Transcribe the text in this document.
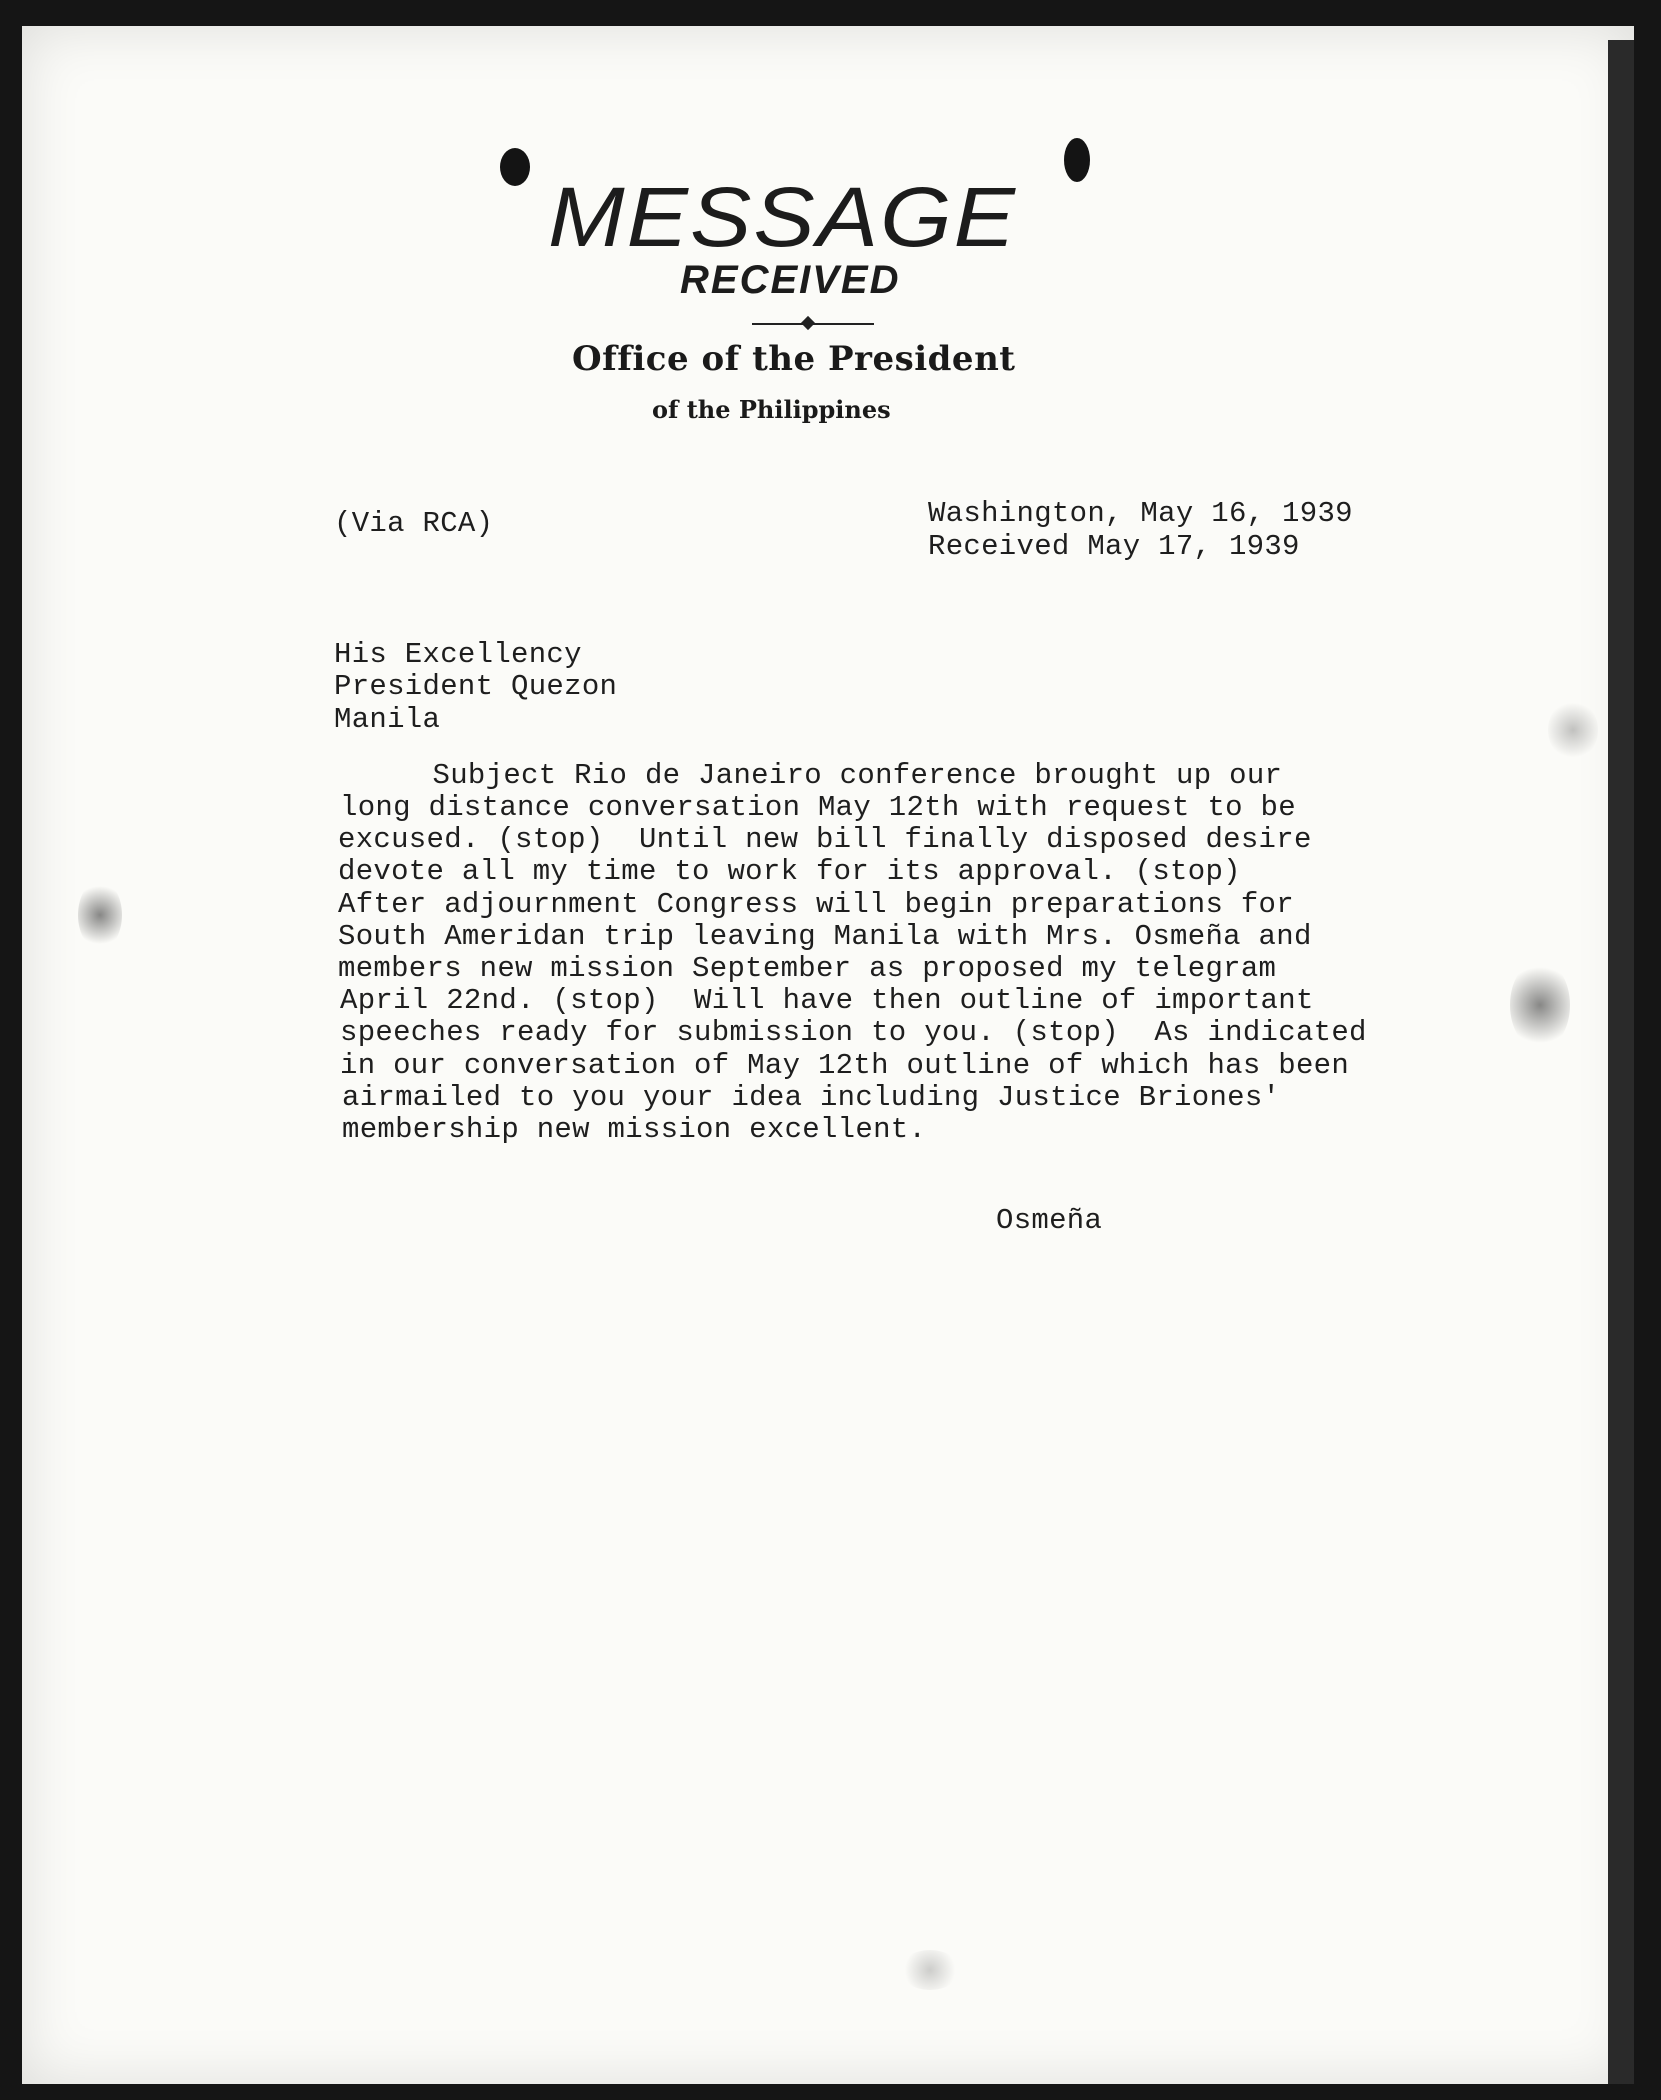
MESSAGE
RECEIVED
Office of the President
of the Philippines
(Via RCA)	Washington, May 16, 1939
Received May 17, 1939
His Excellency
President Quezon
Manila
Subject Rio de Janeiro conference brought up our
long distance conversation May 12th with request to be
excused. (stop)  Until new bill finally disposed desire
devote all my time to work for its approval. (stop)
After adjournment Congress will begin preparations for
South Ameridan trip leaving Manila with Mrs. Osmeña and
members new mission September as proposed my telegram
April 22nd. (stop)  Will have then outline of important
speeches ready for submission to you. (stop)  As indicated
in our conversation of May 12th outline of which has been
airmailed to you your idea including Justice Briones'
membership new mission excellent.
Osmeña
